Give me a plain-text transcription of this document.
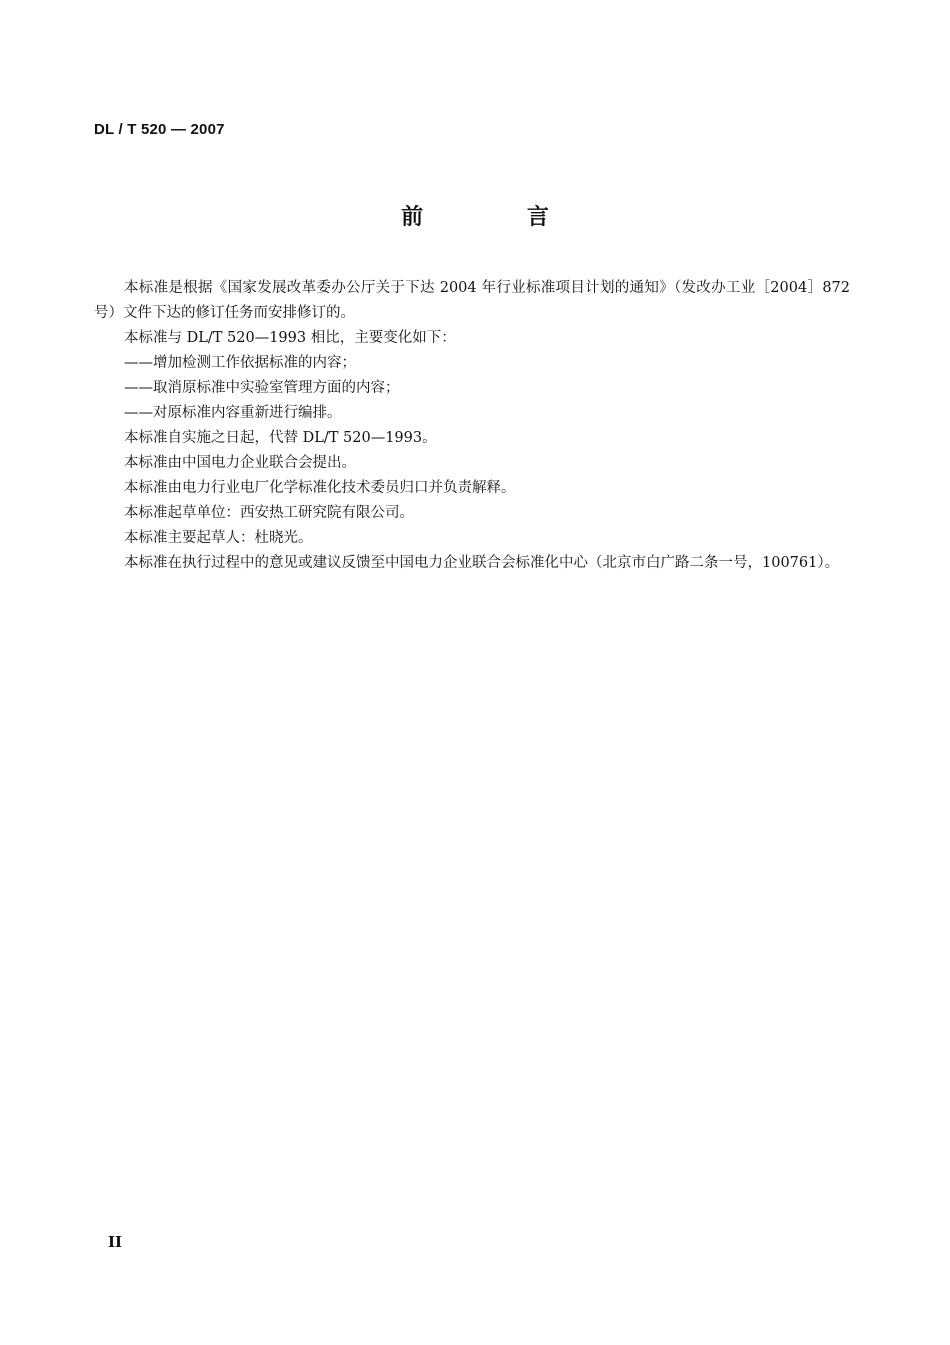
DL / T 520 — 2007
前 言

本标准是根据《国家发展改革委办公厅关于下达 2004 年行业标准项目计划的通知》（发改办工业［2004］872 号）文件下达的修订任务而安排修订的。

本标准与 DL/T 520—1993 相比，主要变化如下：

——增加检测工作依据标准的内容；

——取消原标准中实验室管理方面的内容；

——对原标准内容重新进行编排。

本标准自实施之日起，代替 DL/T 520—1993。

本标准由中国电力企业联合会提出。

本标准由电力行业电厂化学标准化技术委员归口并负责解释。

本标准起草单位：西安热工研究院有限公司。

本标准主要起草人：杜晓光。

本标准在执行过程中的意见或建议反馈至中国电力企业联合会标准化中心（北京市白广路二条一号，100761）。

II
